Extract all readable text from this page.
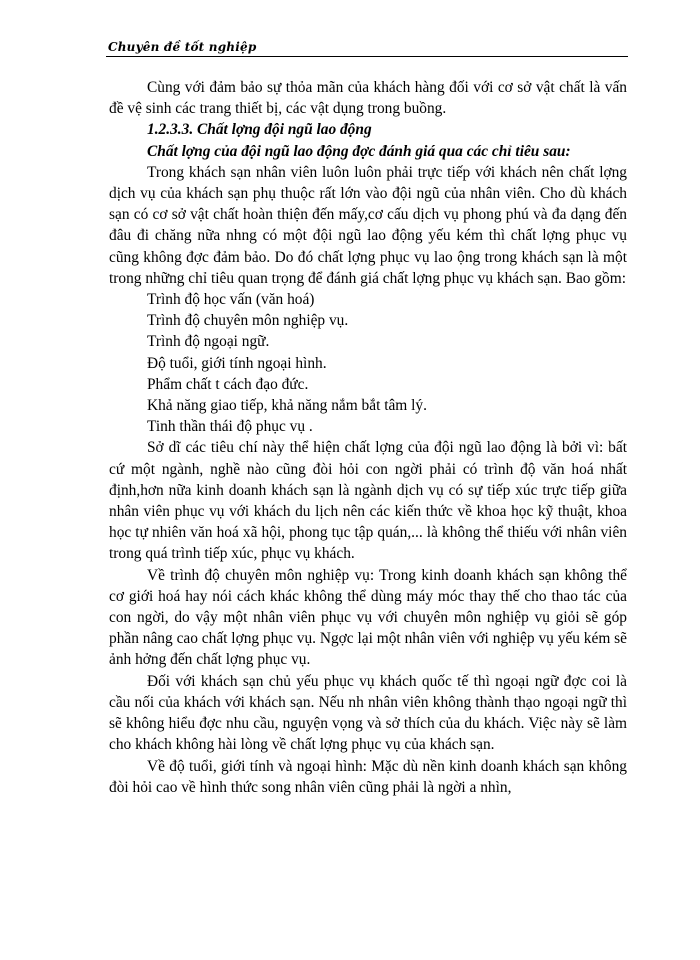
Chuyên đề tốt nghiệp

Cùng với đảm bảo sự thỏa mãn của khách hàng đối với cơ sở vật chất là vấn đề vệ sinh các trang thiết bị, các vật dụng trong buồng.

1.2.3.3. Chất lợng đội ngũ lao động

Chất lợng của đội ngũ lao động đợc đánh giá qua các chỉ tiêu sau:

Trong khách sạn nhân viên luôn luôn phải trực tiếp với khách nên chất lợng dịch vụ của khách sạn phụ thuộc rất lớn vào đội ngũ của nhân viên. Cho dù khách sạn có cơ sở vật chất hoàn thiện đến mấy,cơ cấu dịch vụ phong phú và đa dạng đến đâu đi chăng nữa nhng có một đội ngũ lao động yếu kém thì chất lợng phục vụ cũng không đợc đảm bảo. Do đó chất lợng phục vụ lao ộng trong khách sạn là một trong những chỉ tiêu quan trọng để đánh giá chất lợng phục vụ khách sạn. Bao gồm:

Trình độ học vấn (văn hoá)

Trình độ chuyên môn nghiệp vụ.

Trình độ ngoại ngữ.

Độ tuổi, giới tính ngoại hình.

Phẩm chất t cách đạo đức.

Khả năng giao tiếp, khả năng nắm bắt tâm lý.

Tinh thần thái độ phục vụ .

Sở dĩ các tiêu chí này thể hiện chất lợng của đội ngũ lao động là bởi vì: bất cứ một ngành, nghề nào cũng đòi hỏi con ngời phải có trình độ văn hoá nhất định,hơn nữa kinh doanh khách sạn là ngành dịch vụ có sự tiếp xúc trực tiếp giữa nhân viên phục vụ với khách du lịch nên các kiến thức về khoa học kỹ thuật, khoa học tự nhiên văn hoá xã hội, phong tục tập quán,... là không thể thiếu với nhân viên trong quá trình tiếp xúc, phục vụ khách.

Về trình độ chuyên môn nghiệp vụ: Trong kinh doanh khách sạn không thể cơ giới hoá hay nói cách khác không thể dùng máy móc thay thế cho thao tác của con ngời, do vậy một nhân viên phục vụ với chuyên môn nghiệp vụ giỏi sẽ góp phần nâng cao chất lợng phục vụ. Ngợc lại một nhân viên với nghiệp vụ yếu kém sẽ ảnh hởng đến chất lợng phục vụ.

Đối với khách sạn chủ yếu phục vụ khách quốc tế thì ngoại ngữ đợc coi là cầu nối của khách với khách sạn. Nếu nh nhân viên không thành thạo ngoại ngữ thì sẽ không hiểu đợc nhu cầu, nguyện vọng và sở thích của du khách. Việc này sẽ làm cho khách không hài lòng về chất lợng phục vụ của khách sạn.

Về độ tuổi, giới tính và ngoại hình: Mặc dù nền kinh doanh khách sạn không đòi hỏi cao về hình thức song nhân viên cũng phải là ngời a nhìn,
